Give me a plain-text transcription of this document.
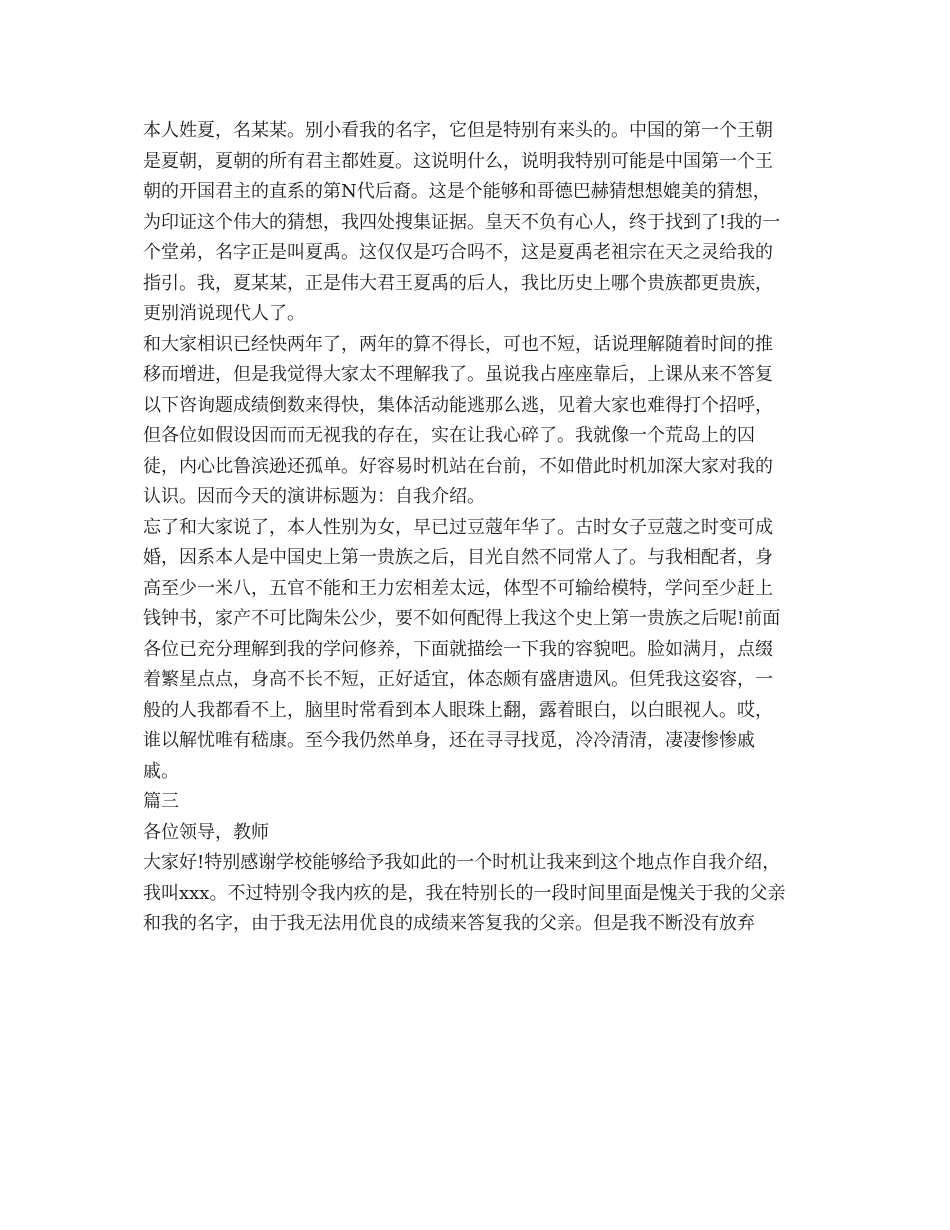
本人姓夏，名某某。别小看我的名字，它但是特别有来头的。中国的第一个王朝
是夏朝，夏朝的所有君主都姓夏。这说明什么，说明我特别可能是中国第一个王
朝的开国君主的直系的第N代后裔。这是个能够和哥德巴赫猜想想媲美的猜想，
为印证这个伟大的猜想，我四处搜集证据。皇天不负有心人，终于找到了!我的一
个堂弟，名字正是叫夏禹。这仅仅是巧合吗不，这是夏禹老祖宗在天之灵给我的
指引。我，夏某某，正是伟大君王夏禹的后人，我比历史上哪个贵族都更贵族，
更别消说现代人了。
和大家相识已经快两年了，两年的算不得长，可也不短，话说理解随着时间的推
移而增进，但是我觉得大家太不理解我了。虽说我占座座靠后，上课从来不答复
以下咨询题成绩倒数来得快，集体活动能逃那么逃，见着大家也难得打个招呼，
但各位如假设因而而无视我的存在，实在让我心碎了。我就像一个荒岛上的囚
徒，内心比鲁滨逊还孤单。好容易时机站在台前，不如借此时机加深大家对我的
认识。因而今天的演讲标题为：自我介绍。
忘了和大家说了，本人性别为女，早已过豆蔻年华了。古时女子豆蔻之时变可成
婚，因系本人是中国史上第一贵族之后，目光自然不同常人了。与我相配者，身
高至少一米八，五官不能和王力宏相差太远，体型不可输给模特，学问至少赶上
钱钟书，家产不可比陶朱公少，要不如何配得上我这个史上第一贵族之后呢!前面
各位已充分理解到我的学问修养，下面就描绘一下我的容貌吧。脸如满月，点缀
着繁星点点，身高不长不短，正好适宜，体态颇有盛唐遗风。但凭我这姿容，一
般的人我都看不上，脑里时常看到本人眼珠上翻，露着眼白，以白眼视人。哎，
谁以解忧唯有嵇康。至今我仍然单身，还在寻寻找觅，冷冷清清，凄凄惨惨戚
戚。
篇三
各位领导，教师
大家好!特别感谢学校能够给予我如此的一个时机让我来到这个地点作自我介绍，
我叫xxx。不过特别令我内疚的是，我在特别长的一段时间里面是愧关于我的父亲
和我的名字，由于我无法用优良的成绩来答复我的父亲。但是我不断没有放弃
